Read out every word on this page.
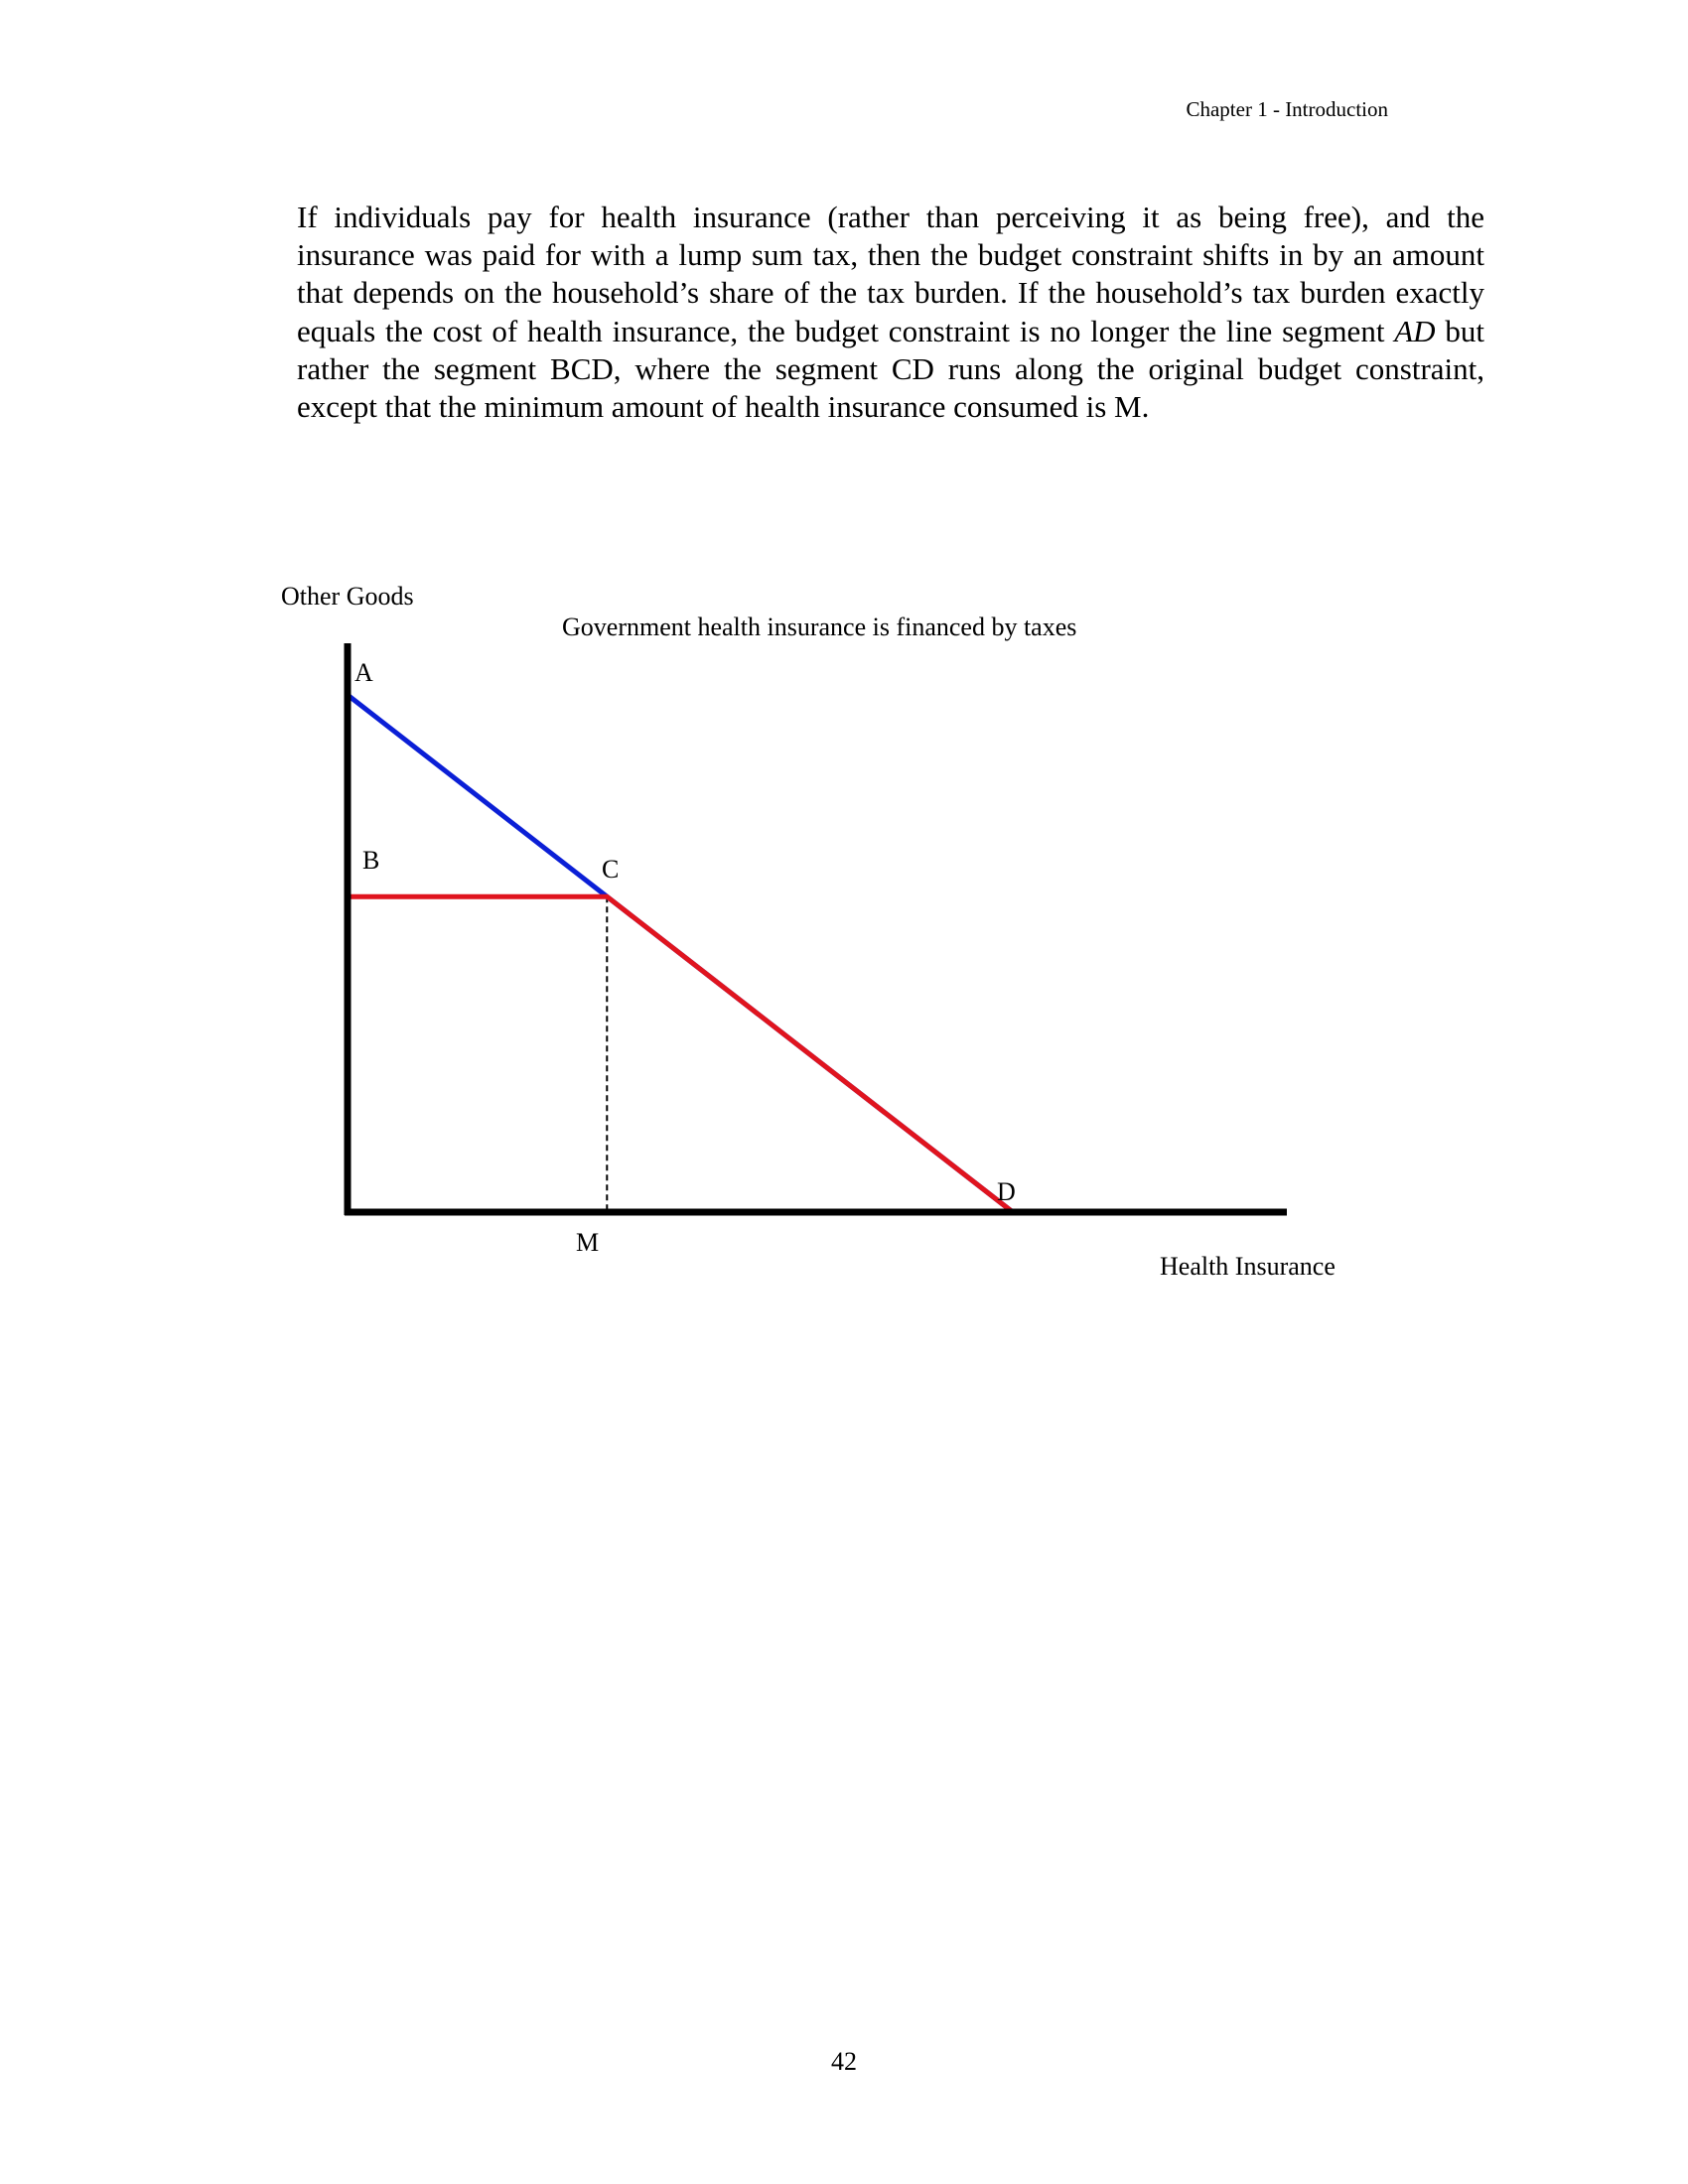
Chapter 1 - Introduction

If individuals pay for health insurance (rather than perceiving it as being free), and the insurance was paid for with a lump sum tax, then the budget constraint shifts in by an amount that depends on the household’s share of the tax burden. If the household’s tax burden exactly equals the cost of health insurance, the budget constraint is no longer the line segment AD but rather the segment BCD, where the segment CD runs along the original budget constraint, except that the minimum amount of health insurance consumed is M.

Other Goods
Government health insurance is financed by taxes
Health Insurance
A
B	C
D
M
42
